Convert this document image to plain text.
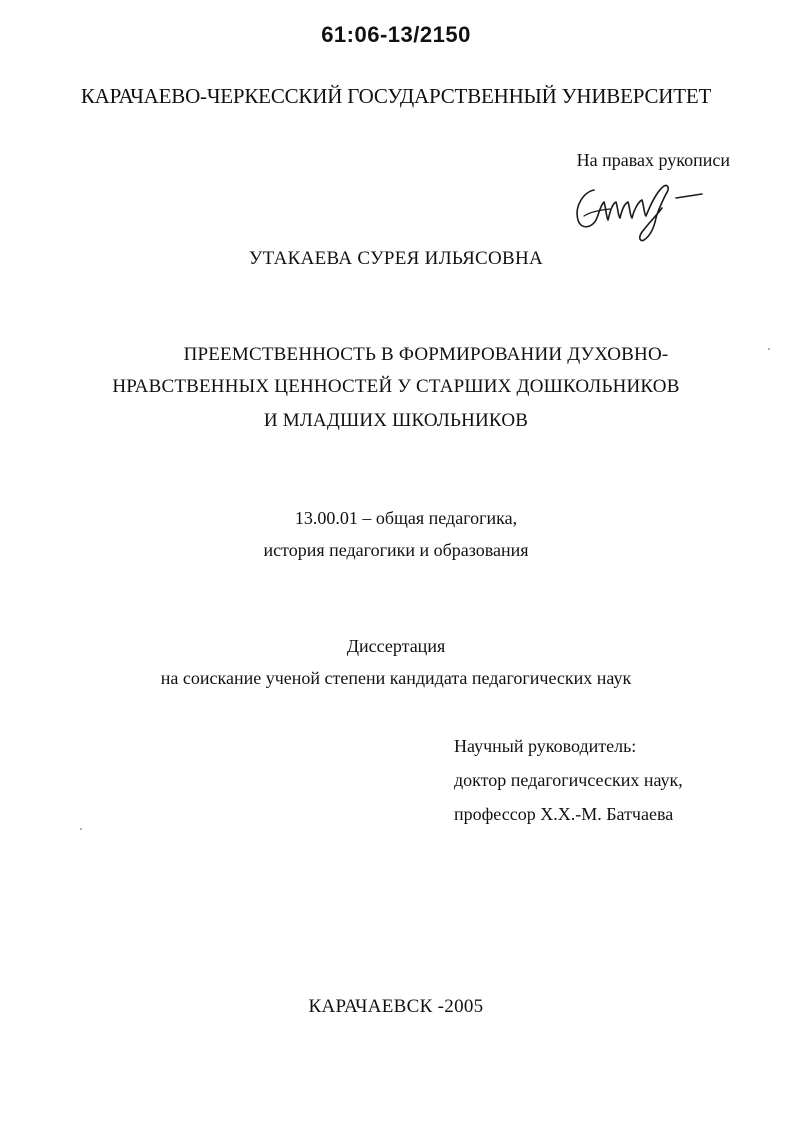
61:06-13/2150
КАРАЧАЕВО-ЧЕРКЕССКИЙ ГОСУДАРСТВЕННЫЙ УНИВЕРСИТЕТ
На правах рукописи
УТАКАЕВА СУРЕЯ ИЛЬЯСОВНА
ПРЕЕМСТВЕННОСТЬ В ФОРМИРОВАНИИ ДУХОВНО-
НРАВСТВЕННЫХ ЦЕННОСТЕЙ У СТАРШИХ ДОШКОЛЬНИКОВ
И МЛАДШИХ ШКОЛЬНИКОВ
13.00.01 – общая педагогика,
история педагогики и образования
Диссертация
на соискание ученой степени кандидата педагогических наук
Научный руководитель:
доктор педагогичсеских наук,
профессор Х.Х.-М. Батчаева
КАРАЧАЕВСК -2005
